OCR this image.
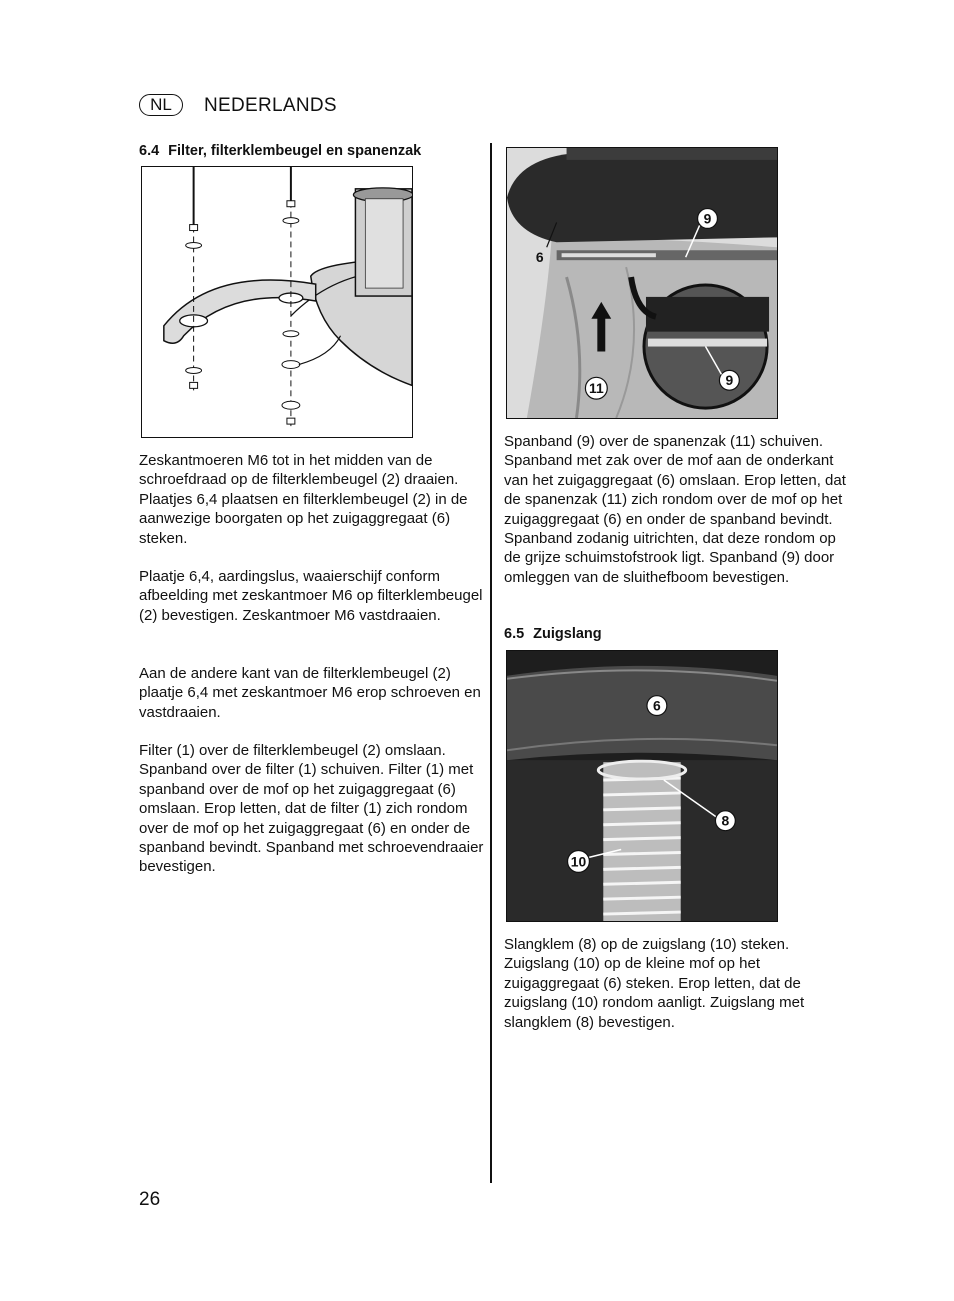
NL	NEDERLANDS
6.4 Filter, filterklembeugel en spanenzak

Zeskantmoeren M6 tot in het midden van de schroefdraad op de filterklembeugel (2) draaien. Plaatjes 6,4 plaatsen en filterklembeugel (2) in de aanwezige boorgaten op het zuigaggregaat (6) steken.

Plaatje 6,4, aardingslus, waaierschijf conform afbeelding met zeskantmoer M6 op filterklembeugel (2) bevestigen. Zeskantmoer M6 vastdraaien.

Aan de andere kant van de filterklembeugel (2) plaatje 6,4 met zeskantmoer M6 erop schroeven en vastdraaien.

Filter (1) over de filterklembeugel (2) omslaan. Spanband over de filter (1) schuiven. Filter (1) met spanband over de mof op het zuigaggregaat (6) omslaan. Erop letten, dat de filter (1) zich rondom over de mof op het zuigaggregaat (6) en onder de spanband bevindt. Spanband met schroevendraaier bevestigen.

9
6
11	9

Spanband (9) over de spanenzak (11) schuiven. Spanband met zak over de mof aan de onderkant van het zuigaggregaat (6) omslaan. Erop letten, dat de spanenzak (11) zich rondom over de mof op het zuigaggregaat (6) en onder de spanband bevindt. Spanband zodanig uitrichten, dat deze rondom op de grijze schuimstofstrook ligt. Spanband (9) door omleggen van de sluithefboom bevestigen.

6.5 Zuigslang
6
8
10

Slangklem (8) op de zuigslang (10) steken. Zuigslang (10) op de kleine mof op het zuigaggregaat (6) steken. Erop letten, dat de zuigslang (10) rondom aanligt. Zuigslang met slangklem (8) bevestigen.

26
